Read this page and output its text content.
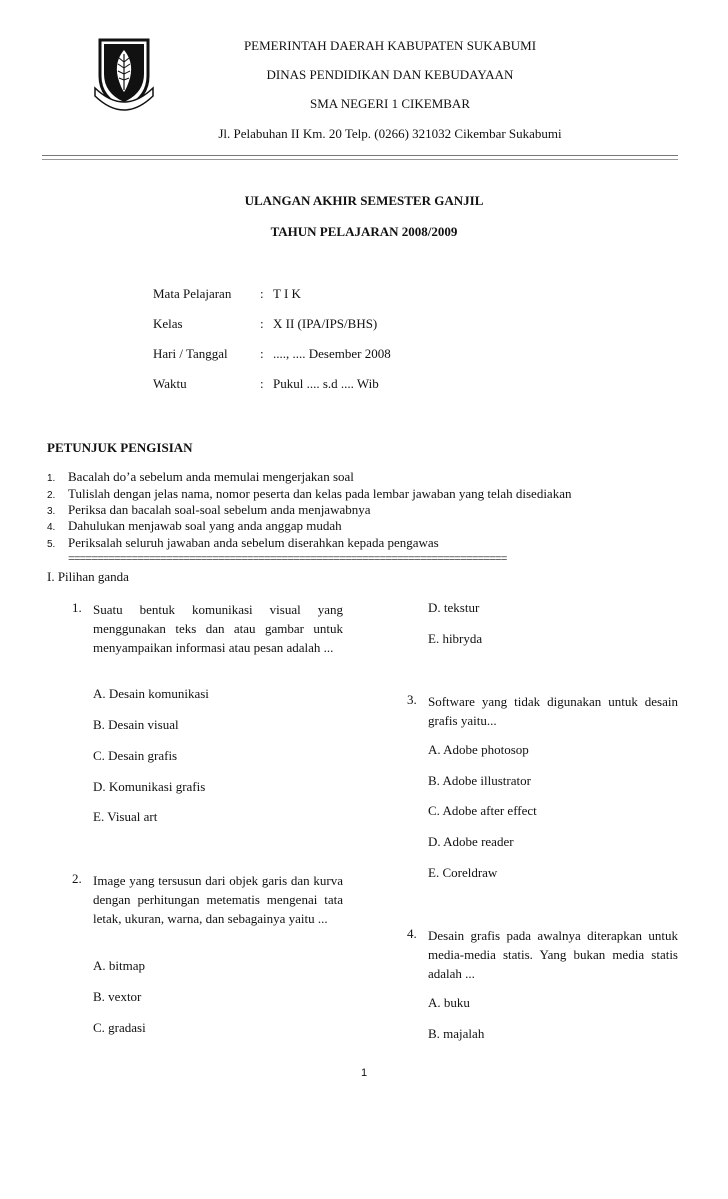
PEMERINTAH DAERAH KABUPATEN SUKABUMI
DINAS PENDIDIKAN DAN KEBUDAYAAN
SMA NEGERI 1 CIKEMBAR
Jl. Pelabuhan II Km. 20 Telp. (0266) 321032 Cikembar Sukabumi
ULANGAN AKHIR SEMESTER GANJIL
TAHUN PELAJARAN 2008/2009
Mata Pelajaran	: T I K
Kelas	: X II (IPA/IPS/BHS)
Hari / Tanggal	: ...., .... Desember 2008
Waktu	: Pukul .... s.d .... Wib
PETUNJUK PENGISIAN
1. Bacalah do’a sebelum anda memulai mengerjakan soal
2. Tulislah dengan jelas nama, nomor peserta dan kelas pada lembar jawaban yang telah disediakan
3. Periksa dan bacalah soal-soal sebelum anda menjawabnya
4. Dahulukan menjawab soal yang anda anggap mudah
5. Periksalah seluruh jawaban anda sebelum diserahkan kepada pengawas
============================================================================
I. Pilihan ganda
1. Suatu bentuk komunikasi visual yang menggunakan teks dan atau gambar untuk menyampaikan informasi atau pesan adalah ...
A. Desain komunikasi
B. Desain visual
C. Desain grafis
D. Komunikasi grafis
E. Visual art
2. Image yang tersusun dari objek garis dan kurva dengan perhitungan metematis mengenai tata letak, ukuran, warna, dan sebagainya yaitu ...
A. bitmap
B. vextor
C. gradasi
D. tekstur
E. hibryda
3. Software yang tidak digunakan untuk desain grafis yaitu...
A. Adobe photosop
B. Adobe illustrator
C. Adobe after effect
D. Adobe reader
E. Coreldraw
4. Desain grafis pada awalnya diterapkan untuk media-media statis. Yang bukan media statis adalah ...
A. buku
B. majalah
1
